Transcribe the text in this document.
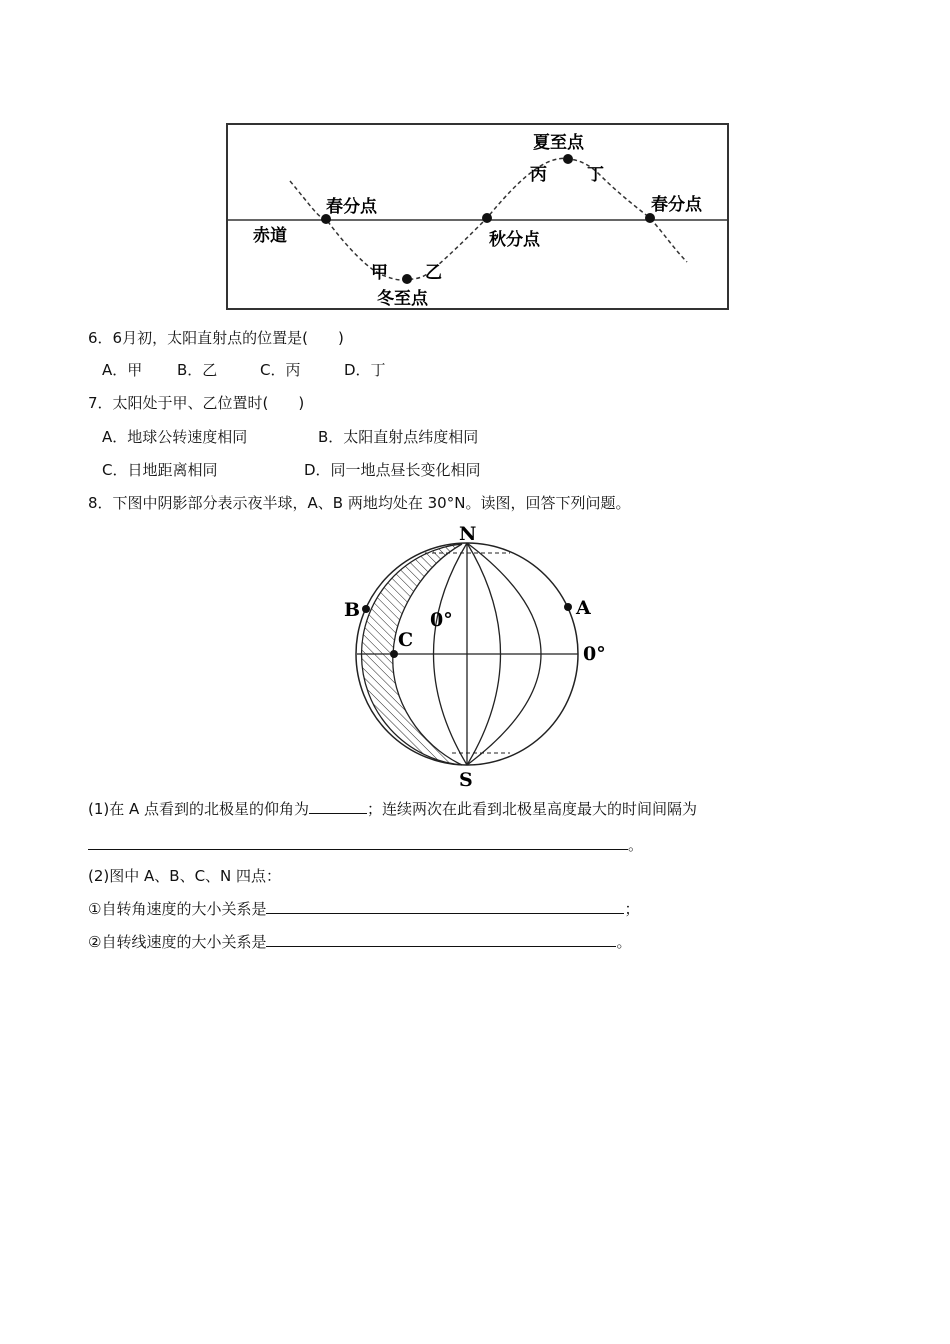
赤道
春分点
夏至点
秋分点
春分点
冬至点
甲 乙
丙 丁
6．6月初，太阳直射点的位置是(　　)
A．甲 B．乙	C．丙	D．丁
7．太阳处于甲、乙位置时(　　)
A．地球公转速度相同	B．太阳直射点纬度相同
C．日地距离相同	D．同一地点昼长变化相同
8．下图中阴影部分表示夜半球，A、B 两地均处在 30°N。读图，回答下列问题。
N
S
B	A
C
0°
0°
(1)在 A 点看到的北极星的仰角为	；连续两次在此看到北极星高度最大的时间间隔为
。
(2)图中 A、B、C、N 四点：
①自转角速度的大小关系是	；
②自转线速度的大小关系是	。
